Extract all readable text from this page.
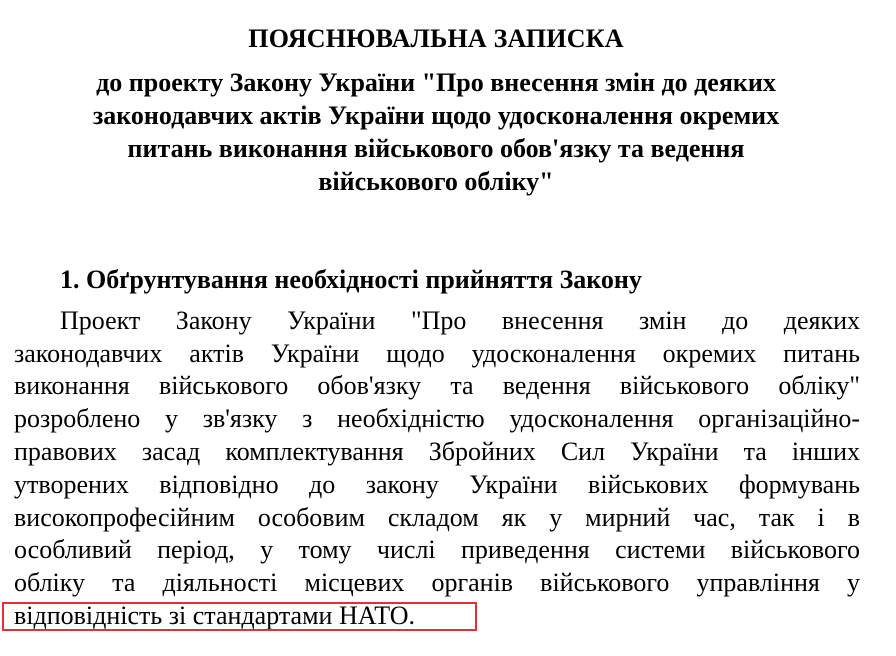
ПОЯСНЮВАЛЬНА ЗАПИСКА
до проекту Закону України "Про внесення змін до деяких
законодавчих актів України щодо удосконалення окремих
питань виконання військового обов'язку та ведення
військового обліку"
1. Обґрунтування необхідності прийняття Закону
Проект Закону України "Про внесення змін до деяких
законодавчих актів України щодо удосконалення окремих питань
виконання військового обов'язку та ведення військового обліку"
розроблено у зв'язку з необхідністю удосконалення організаційно-
правових засад комплектування Збройних Сил України та інших
утворених відповідно до закону України військових формувань
високопрофесійним особовим складом як у мирний час, так і в
особливий період, у тому числі приведення системи військового
обліку та діяльності місцевих органів військового управління у
відповідність зі стандартами НАТО.
